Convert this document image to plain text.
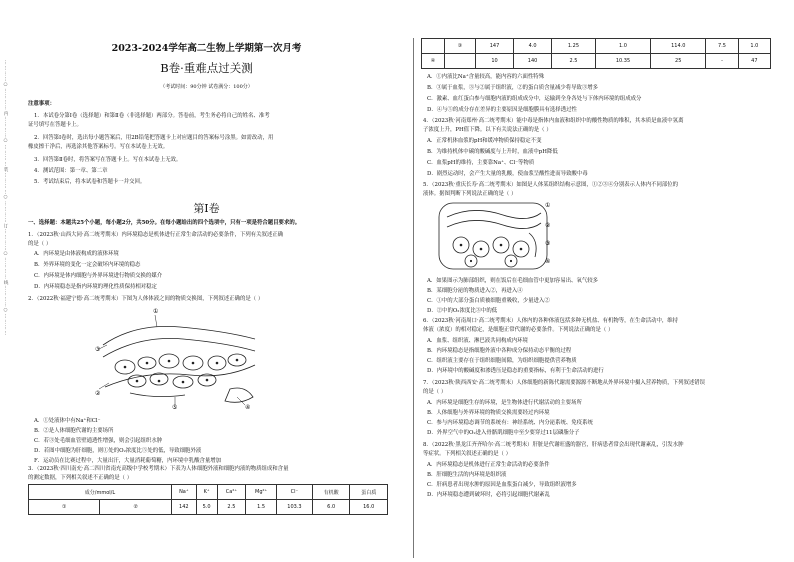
…………○…………内…………○…………装…………○…………订…………○…………线…………○…………
2023-2024学年高二生物上学期第一次月考
B卷·重难点过关测
（考试时间：90分钟 试卷满分：100分）
注意事项：
1．本试卷分第Ⅰ卷（选择题）和第Ⅱ卷（非选择题）两部分。答卷前，考生务必将自己的姓名、准考
证号填写在答题卡上。
2．回答第Ⅰ卷时，选出每小题答案后，用2B铅笔把答题卡上对应题目的答案标号涂黑。如需改动，用
橡皮擦干净后，再选涂其他答案标号。写在本试卷上无效。
3．回答第Ⅱ卷时，将答案写在答题卡上。写在本试卷上无效。
4．测试范围：第一章、第二章
5．考试结束后，将本试卷和答题卡一并交回。
第Ⅰ卷
一、选择题：本题共25个小题，每小题2分，共50分。在每小题给出的四个选项中，只有一项是符合题目要求的。
1．（2023秋·山西大同·高二统考期末）内环境稳态是机体进行正常生命活动的必要条件，下列有关叙述正确
的是（ ）
A．内环境是由体液构成的液体环境
B．外界环境的变化一定会破坏内环境的稳态
C．内环境是体内细胞与外界环境进行物质交换的媒介
D．内环境稳态是指内环境的理化性质保持相对稳定
2．（2022秋·福建宁德·高二统考期末）下图为人体体液之间的物质交换图，下列叙述正确的是（ ）
①
②
③
④
⑤
A．①处液体中有Na⁺和Cl⁻
B．②是人体细胞代谢的主要场所
C．若③处毛细血管壁通透性增强，则会引起组织水肿
D．若图中细胞为肝细胞，则①处的O₂浓度比⑤处的低，导致细胞外液
F．运动员在比赛过程中，大量出汗，大量消耗葡萄糖，内环境中乳酸含量增加
3．（2023秋·四川南充·高二四川省南充高级中学校考期末）下表为人体细胞外液和细胞内液的物质组成和含量
的测定数据，下列相关叙述不正确的是（ ）
成分/mmol/L		Na⁺	K⁺	Ca²⁺	Mg²⁺	Cl⁻	有机酸	蛋白质
①	②	142	5.0	2.5	1.5	103.3	6.0	16.0
	③	147	4.0	1.25	1.0	114.0	7.5	1.0
④		10	140	2.5	10.35	25	-	47
A．①内液比Na⁺含量较高，能内容的六面性特殊
B．③属于血浆，③与②属于组织液，②的蛋白质含量减少将导致③增多
C．激素、血红蛋白参与细胞内液的组成成分中，运输到全身各处与下体内环境的组成成分
D．④与⑤的成分存在差异的主要原因是细胞膜具有选择透过性
4．（2023秋·河南郑州·高二统考期末）能中毒是指体内血液和组织中的酸性物质的堆积，其本质是血液中氢离
子浓度上升，PH值下降。以下有关说法正确的是（ ）
A．正常机体血浆的pH和缓冲物质保持稳定不变
B．为维持机体中碳的酸碱度与上升时，血液中pH降低
C．血浆pH的维持，主要靠Na⁺、Cl⁻等物质
D．剧烈运动时，会产生大量的乳酸，使血浆呈酸性进而导致酸中毒
5．（2023秋·重庆长寿·高二统考期末）如图是人体某组织结构示意图，①②③④分别表示人体内不同部位的
液体。据图判断下列说法正确的是（ ）
①
②
③
④
A．如果图示为肺部组织，则在饭后在毛细血管中更加容易出、氧气较多
B．某细胞分泌的物质进入②，再进入④
C．①中的大部分蛋白质被细胞重吸收，少量进入②
D．②中的O₂浓度比③中的低
6．（2023秋·河南周口·高二统考期末）人体内的各种体液包括多种无机盐、有机物等，在生命活动中，维持
体液（浓度）的相对稳定，是细胞正常代谢的必要条件。下列说法正确的是（ ）
A．血浆、组织液、淋巴液共同构成内环境
B．内环境稳态是指细胞外液中各种成分保持动态平衡的过程
C．组织液主要存在于组织细胞间隙，为组织细胞提供营养物质
D．内环境中的酸碱度和渗透压是稳态的重要指标，有利于生命活动的进行
7．（2023秋·陕西西安·高二统考期末）人体细胞的新陈代谢需要源源不断地从外界环境中摄入营养物质，下列叙述错误
的是（ ）
A．内环境是细胞生存的环境，是生物体进行代谢活动的主要场所
B．人体细胞与外界环境的物质交换需要经过内环境
C．参与内环境稳态调节的系统有：神经系统、内分泌系统、免疫系统
D．外界空气中的O₂进入骨骼肌细胞中至少要穿过11层磷脂分子
8．（2022秋·黑龙江齐齐哈尔·高二统考期末）肝脏是代谢旺盛的器官，肝病患者常会出现代谢紊乱，引发水肿
等症状。下列相关叙述正确的是（ ）
A．内环境稳态是机体进行正常生命活动的必要条件
B．肝细胞生活的内环境是组织液
C．肝病患者出现水肿的原因是血浆蛋白减少，导致组织液增多
D．内环境稳态遭到破坏时，必将引起细胞代谢紊乱
